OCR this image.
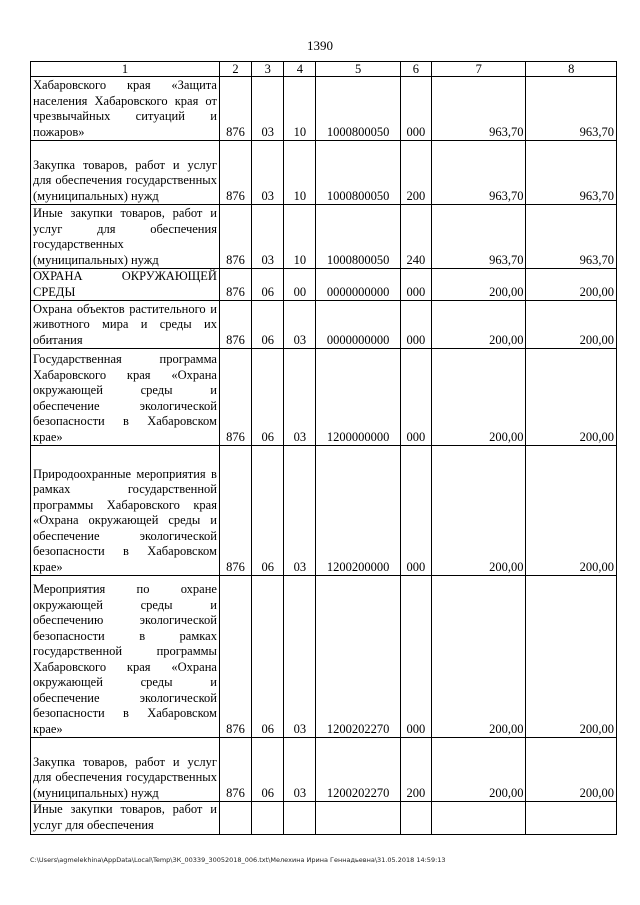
1390
1	2	3	4	5	6	7	8
Хабаровского края «Защита населения Хабаровского края от чрезвычайных ситуаций и пожаров»	876	03	10	1000800050	000	963,70	963,70
Закупка товаров, работ и услуг для обеспечения государственных (муниципальных) нужд	876	03	10	1000800050	200	963,70	963,70
Иные закупки товаров, работ и услуг для обеспечения государственных (муниципальных) нужд	876	03	10	1000800050	240	963,70	963,70
ОХРАНА ОКРУЖАЮЩЕЙ СРЕДЫ	876	06	00	0000000000	000	200,00	200,00
Охрана объектов растительного и животного мира и среды их обитания	876	06	03	0000000000	000	200,00	200,00
Государственная программа Хабаровского края «Охрана окружающей среды и обеспечение экологической безопасности в Хабаровском крае»	876	06	03	1200000000	000	200,00	200,00
Природоохранные мероприятия в рамках государственной программы Хабаровского края «Охрана окружающей среды и обеспечение экологической безопасности в Хабаровском крае»	876	06	03	1200200000	000	200,00	200,00
Мероприятия по охране окружающей среды и обеспечению экологической безопасности в рамках государственной программы Хабаровского края «Охрана окружающей среды и обеспечение экологической безопасности в Хабаровском крае»	876	06	03	1200202270	000	200,00	200,00
Закупка товаров, работ и услуг для обеспечения государственных (муниципальных) нужд	876	06	03	1200202270	200	200,00	200,00
Иные закупки товаров, работ и услуг для обеспечения							
C:\Users\agmelekhina\AppData\Local\Temp\ЗК_00339_30052018_006.txt\Мелехина Ирина Геннадьевна\31.05.2018 14:59:13
